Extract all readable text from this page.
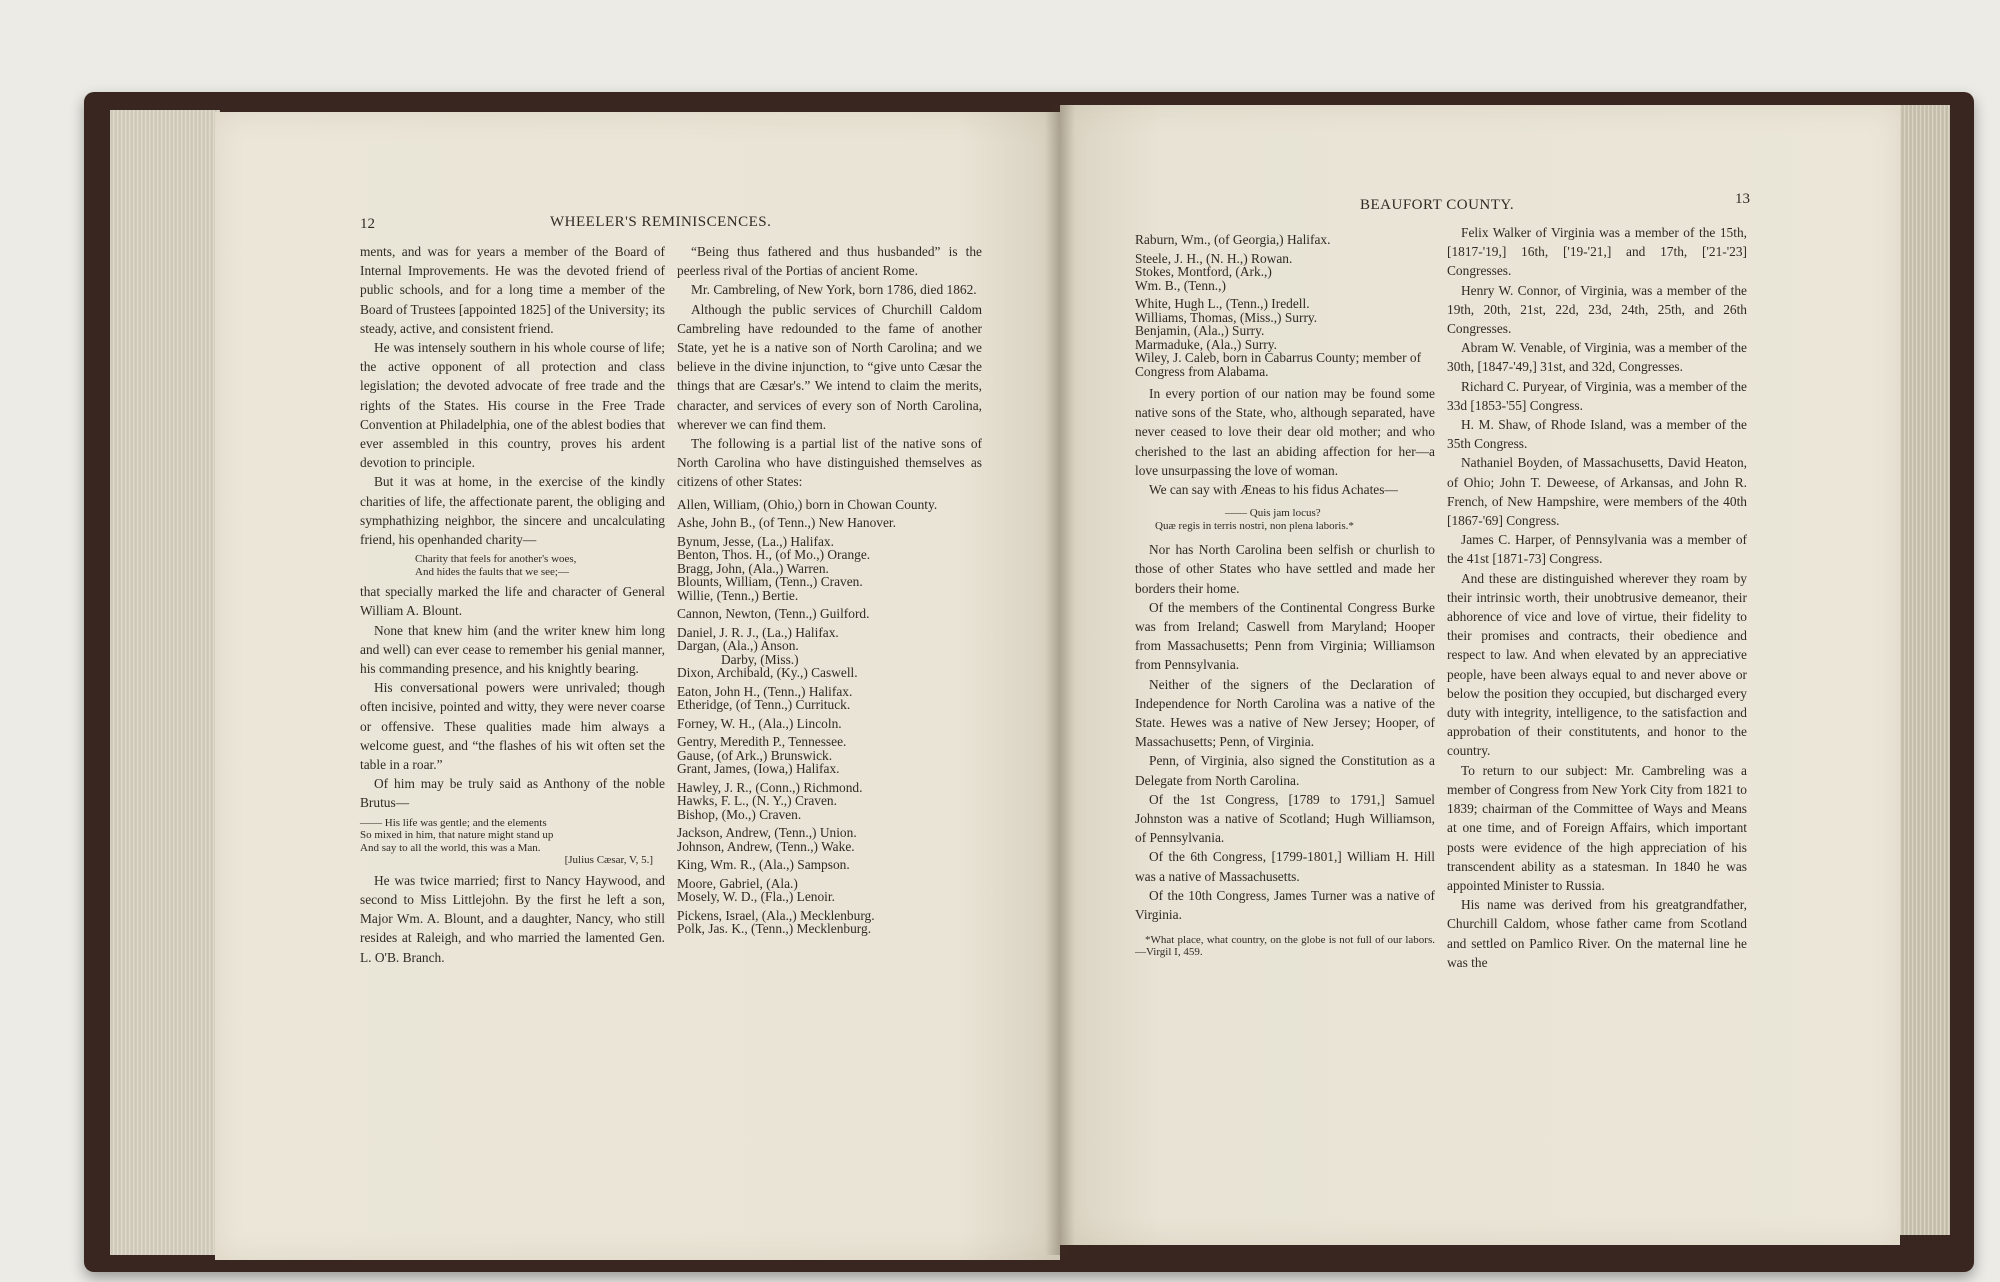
12	WHEELER'S REMINISCENCES.

ments, and was for years a member of the Board of Internal Improvements. He was the devoted friend of public schools, and for a long time a member of the Board of Trustees [appointed 1825] of the University; its steady, active, and consistent friend.

He was intensely southern in his whole course of life; the active opponent of all protection and class legislation; the devoted advocate of free trade and the rights of the States. His course in the Free Trade Convention at Philadelphia, one of the ablest bodies that ever assembled in this country, proves his ardent devotion to principle.

But it was at home, in the exercise of the kindly charities of life, the affectionate parent, the obliging and symphathizing neighbor, the sincere and uncalculating friend, his openhanded charity—

Charity that feels for another's woes,
And hides the faults that we see;—

that specially marked the life and character of General William A. Blount.

None that knew him (and the writer knew him long and well) can ever cease to remember his genial manner, his commanding presence, and his knightly bearing.

His conversational powers were unrivaled; though often incisive, pointed and witty, they were never coarse or offensive. These qualities made him always a welcome guest, and “the flashes of his wit often set the table in a roar.”

Of him may be truly said as Anthony of the noble Brutus—

—— His life was gentle; and the elements
So mixed in him, that nature might stand up
And say to all the world, this was a Man.
[Julius Cæsar, V, 5.]

He was twice married; first to Nancy Haywood, and second to Miss Littlejohn. By the first he left a son, Major Wm. A. Blount, and a daughter, Nancy, who still resides at Raleigh, and who married the lamented Gen. L. O'B. Branch.

“Being thus fathered and thus husbanded” is the peerless rival of the Portias of ancient Rome.

Mr. Cambreling, of New York, born 1786, died 1862.

Although the public services of Churchill Caldom Cambreling have redounded to the fame of another State, yet he is a native son of North Carolina; and we believe in the divine injunction, to “give unto Cæsar the things that are Cæsar's.” We intend to claim the merits, character, and services of every son of North Carolina, wherever we can find them.

The following is a partial list of the native sons of North Carolina who have distinguished themselves as citizens of other States:

Allen, William, (Ohio,) born in Chowan County.
Ashe, John B., (of Tenn.,) New Hanover.
Bynum, Jesse, (La.,) Halifax.
Benton, Thos. H., (of Mo.,) Orange.
Bragg, John, (Ala.,) Warren.
Blounts, William, (Tenn.,) Craven.
Willie, (Tenn.,) Bertie.
Cannon, Newton, (Tenn.,) Guilford.
Daniel, J. R. J., (La.,) Halifax.
Dargan, (Ala.,) Anson.
Darby, (Miss.)
Dixon, Archibald, (Ky.,) Caswell.
Eaton, John H., (Tenn.,) Halifax.
Etheridge, (of Tenn.,) Currituck.
Forney, W. H., (Ala.,) Lincoln.
Gentry, Meredith P., Tennessee.
Gause, (of Ark.,) Brunswick.
Grant, James, (Iowa,) Halifax.
Hawley, J. R., (Conn.,) Richmond.
Hawks, F. L., (N. Y.,) Craven.
Bishop, (Mo.,) Craven.
Jackson, Andrew, (Tenn.,) Union.
Johnson, Andrew, (Tenn.,) Wake.
King, Wm. R., (Ala.,) Sampson.
Moore, Gabriel, (Ala.)
Mosely, W. D., (Fla.,) Lenoir.
Pickens, Israel, (Ala.,) Mecklenburg.
Polk, Jas. K., (Tenn.,) Mecklenburg.
BEAUFORT COUNTY.	13
Raburn, Wm., (of Georgia,) Halifax.
Steele, J. H., (N. H.,) Rowan.
Stokes, Montford, (Ark.,)
Wm. B., (Tenn.,)
White, Hugh L., (Tenn.,) Iredell.
Williams, Thomas, (Miss.,) Surry.
Benjamin, (Ala.,) Surry.
Marmaduke, (Ala.,) Surry.
Wiley, J. Caleb, born in Cabarrus County; member of Congress from Alabama.

In every portion of our nation may be found some native sons of the State, who, although separated, have never ceased to love their dear old mother; and who cherished to the last an abiding affection for her—a love unsurpassing the love of woman.

We can say with Æneas to his fidus Achates—

—— Quis jam locus?
Quæ regis in terris nostri, non plena laboris.*

Nor has North Carolina been selfish or churlish to those of other States who have settled and made her borders their home.

Of the members of the Continental Congress Burke was from Ireland; Caswell from Maryland; Hooper from Massachusetts; Penn from Virginia; Williamson from Pennsylvania.

Neither of the signers of the Declaration of Independence for North Carolina was a native of the State. Hewes was a native of New Jersey; Hooper, of Massachusetts; Penn, of Virginia.

Penn, of Virginia, also signed the Constitution as a Delegate from North Carolina.

Of the 1st Congress, [1789 to 1791,] Samuel Johnston was a native of Scotland; Hugh Williamson, of Pennsylvania.

Of the 6th Congress, [1799-1801,] William H. Hill was a native of Massachusetts.

Of the 10th Congress, James Turner was a native of Virginia.

*What place, what country, on the globe is not full of our labors.—Virgil I, 459.

Felix Walker of Virginia was a member of the 15th, [1817-'19,] 16th, ['19-'21,] and 17th, ['21-'23] Congresses.

Henry W. Connor, of Virginia, was a member of the 19th, 20th, 21st, 22d, 23d, 24th, 25th, and 26th Congresses.

Abram W. Venable, of Virginia, was a member of the 30th, [1847-'49,] 31st, and 32d, Congresses.

Richard C. Puryear, of Virginia, was a member of the 33d [1853-'55] Congress.

H. M. Shaw, of Rhode Island, was a member of the 35th Congress.

Nathaniel Boyden, of Massachusetts, David Heaton, of Ohio; John T. Deweese, of Arkansas, and John R. French, of New Hampshire, were members of the 40th [1867-'69] Congress.

James C. Harper, of Pennsylvania was a member of the 41st [1871-73] Congress.

And these are distinguished wherever they roam by their intrinsic worth, their unobtrusive demeanor, their abhorence of vice and love of virtue, their fidelity to their promises and contracts, their obedience and respect to law. And when elevated by an appreciative people, have been always equal to and never above or below the position they occupied, but discharged every duty with integrity, intelligence, to the satisfaction and approbation of their constitutents, and honor to the country.

To return to our subject: Mr. Cambreling was a member of Congress from New York City from 1821 to 1839; chairman of the Committee of Ways and Means at one time, and of Foreign Affairs, which important posts were evidence of the high appreciation of his transcendent ability as a statesman. In 1840 he was appointed Minister to Russia.

His name was derived from his greatgrandfather, Churchill Caldom, whose father came from Scotland and settled on Pamlico River. On the maternal line he was the
